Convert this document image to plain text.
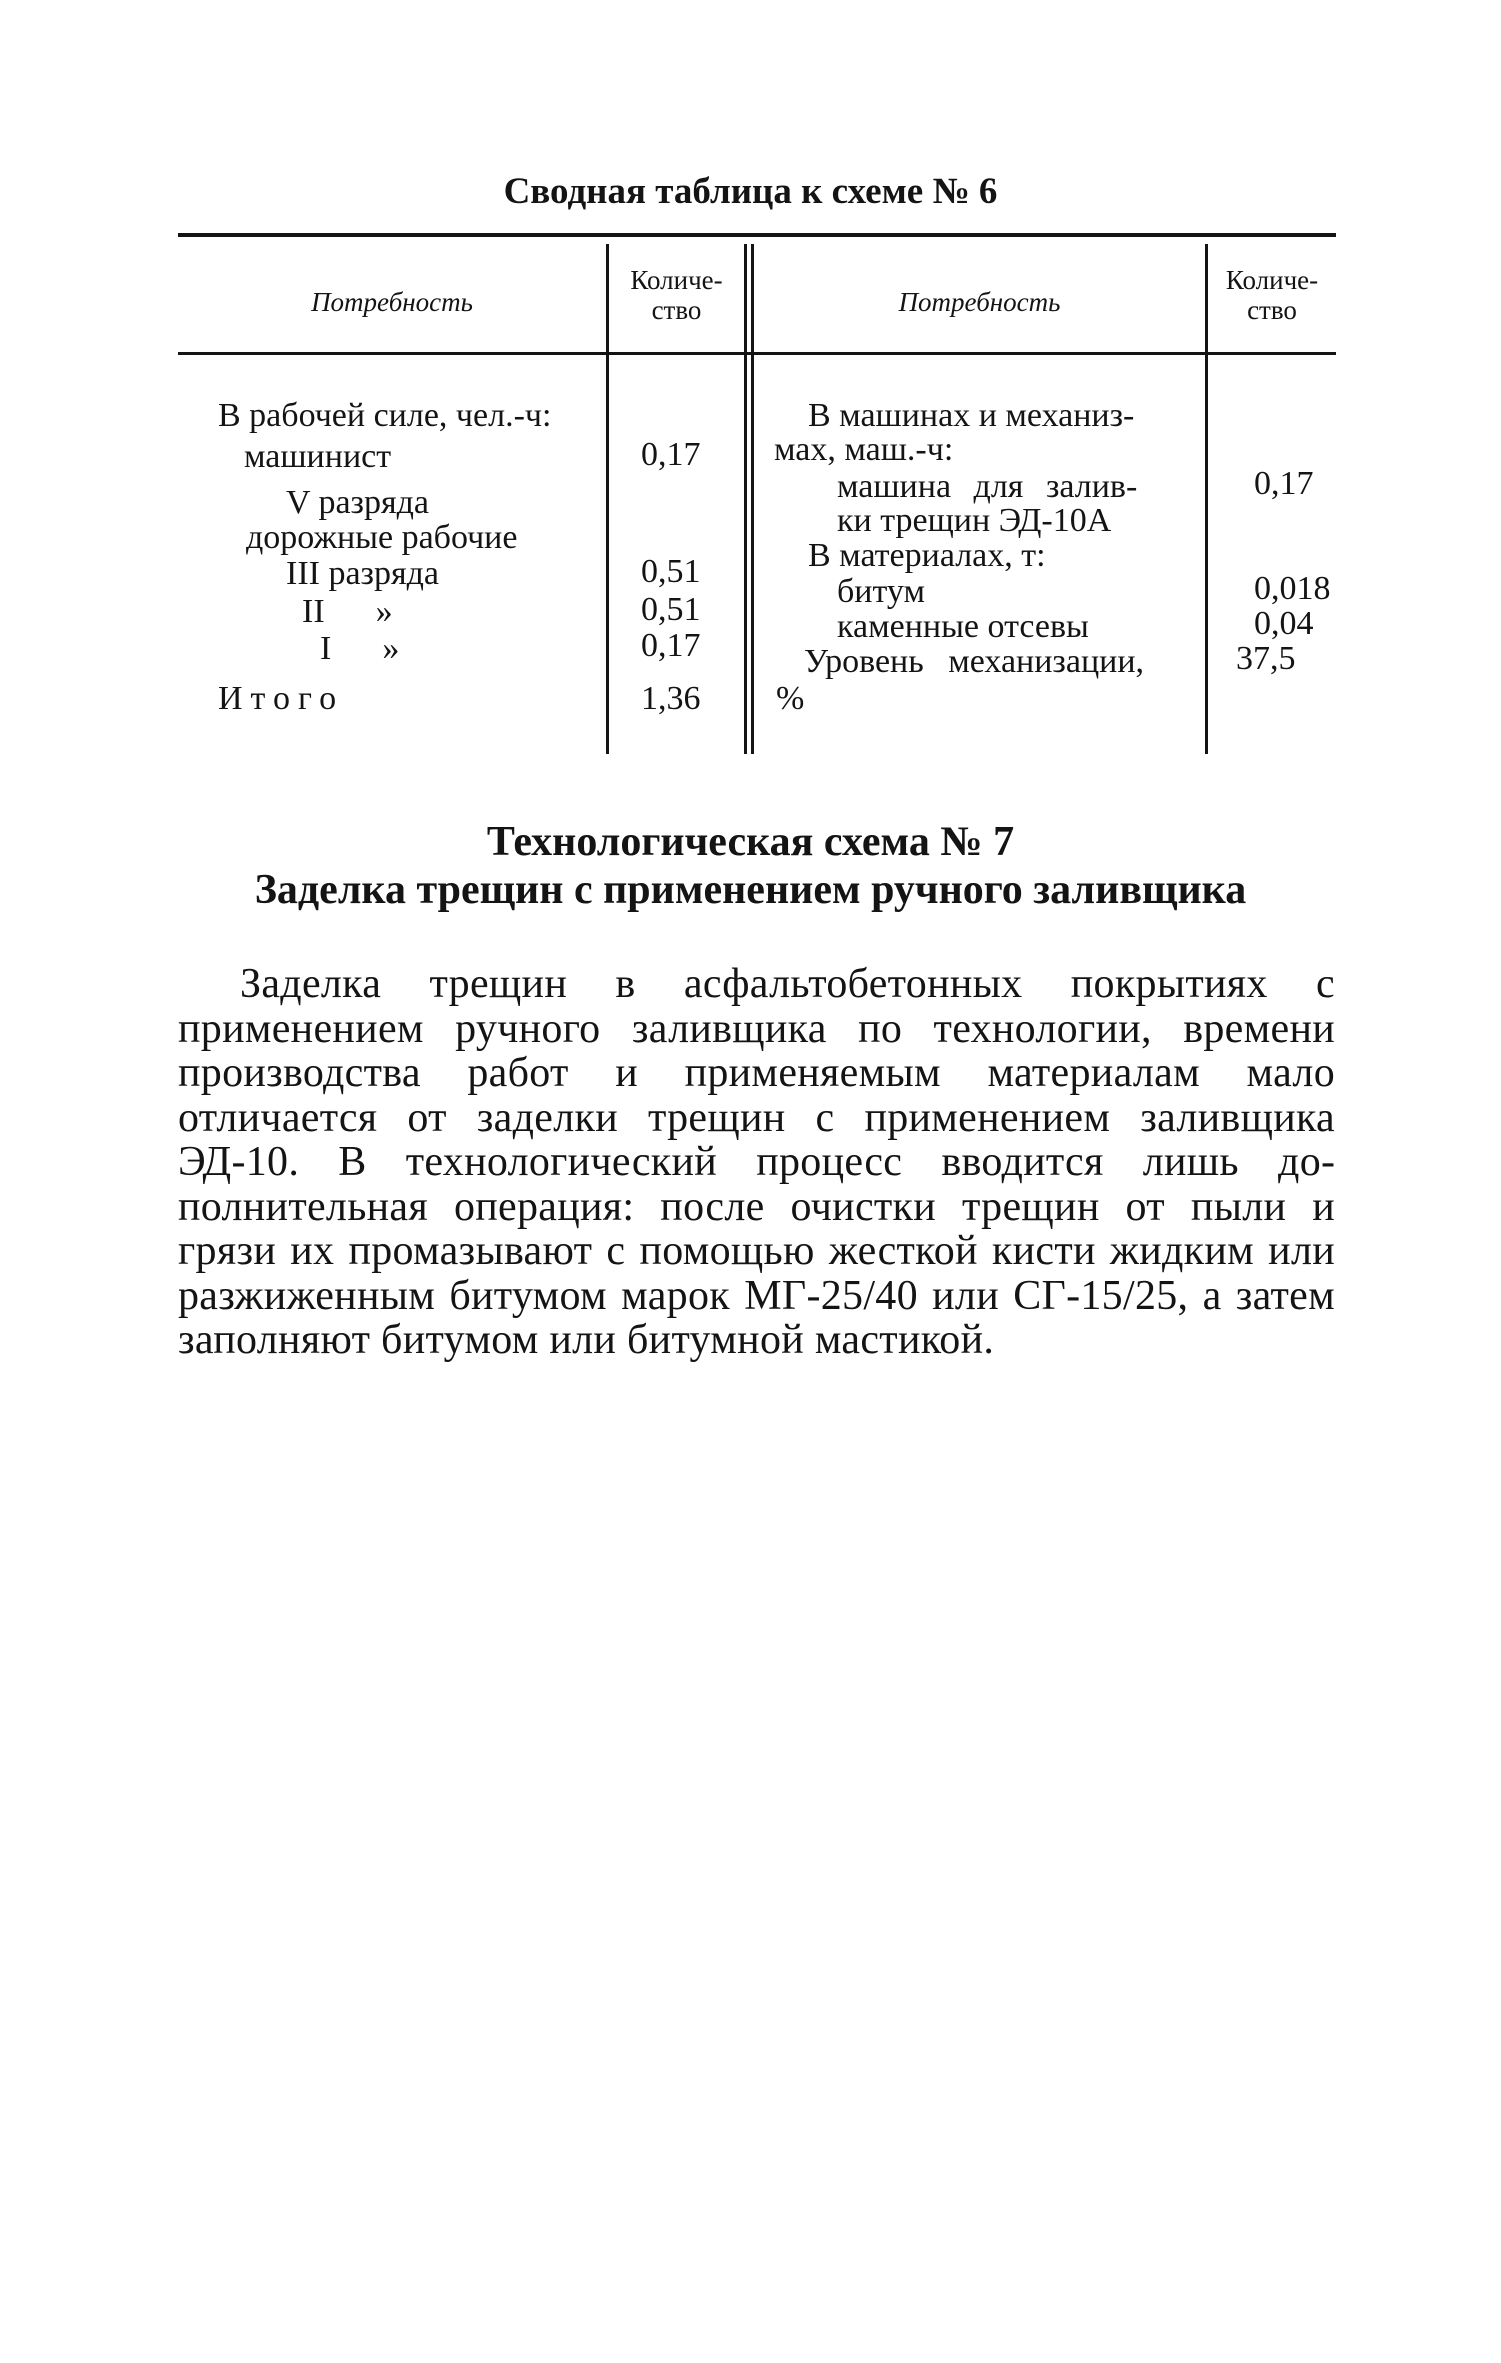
Сводная таблица к схеме № 6
Потребность
Количе-
ство	Потребность
Количе-
ство
В рабочей силе, чел.-ч:
машинист
V разряда
дорожные рабочие
III разряда
II      »
I      »
Итого
0,17
0,51
0,51
0,17
1,36
В машинах и механиз-
мах, маш.-ч:
машина для залив-
ки трещин ЭД-10А
В материалах, т:
битум
каменные отсевы
Уровень механизации,
%
0,17
0,018
0,04
37,5
Технологическая схема № 7
Заделка трещин с применением ручного заливщика
Заделка трещин в асфальтобетонных покрытиях с применением ручного заливщика по технологии, времени производства работ и применяемым материалам мало отличается от заделки трещин с применением заливщика ЭД-10. В технологический процесс вводится лишь дополнительная операция: после очистки трещин от пыли и грязи их промазывают с помощью жесткой кисти жидким или разжиженным битумом марок МГ-25/40 или СГ-15/25, а затем заполняют битумом или битумной мастикой.
